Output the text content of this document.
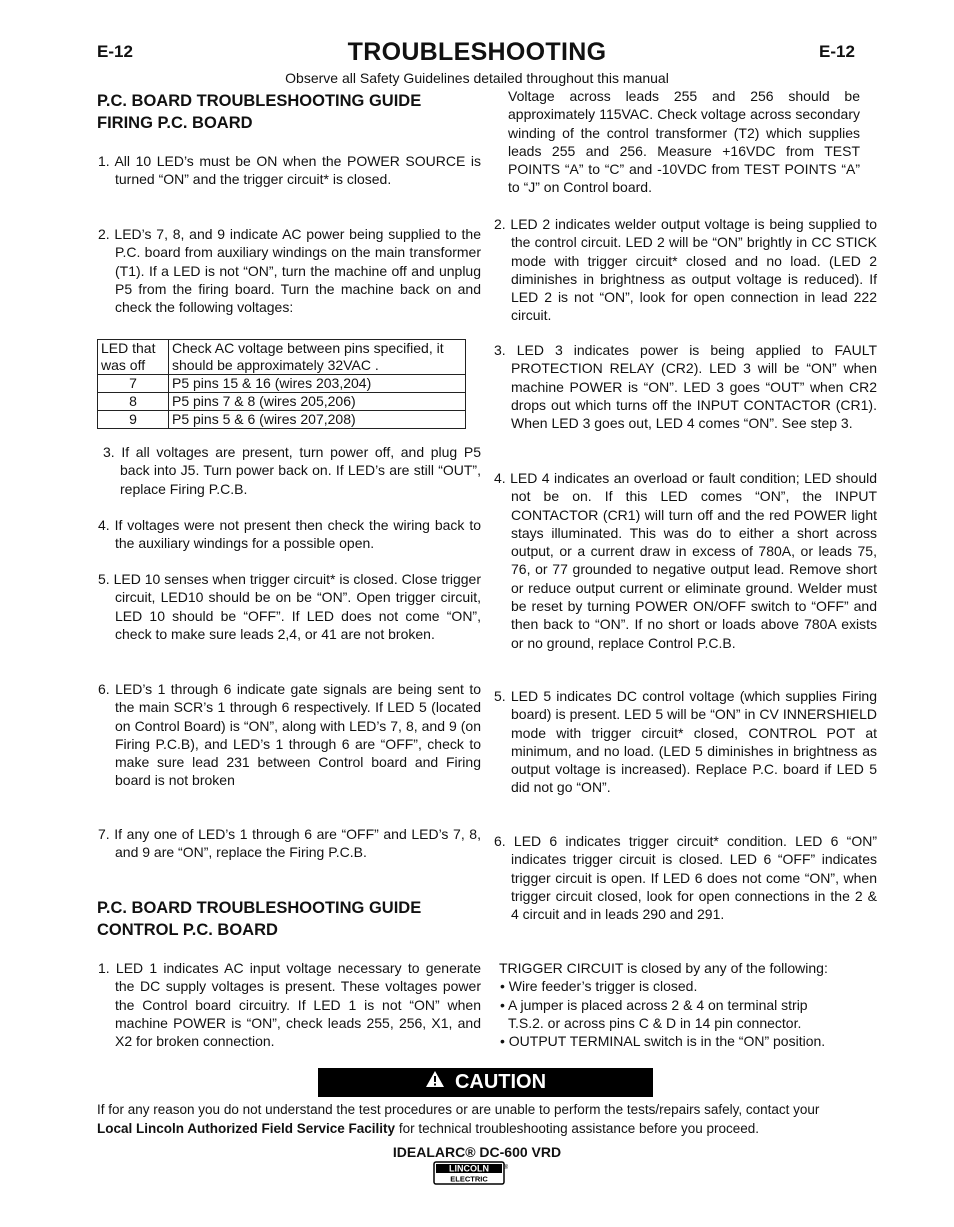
E-12	E-12
TROUBLESHOOTING
Observe all Safety Guidelines detailed throughout this manual
P.C. BOARD TROUBLESHOOTING GUIDE
FIRING P.C. BOARD
1. All 10 LED’s must be ON when the POWER SOURCE is turned “ON” and the trigger circuit* is closed.
2. LED’s 7, 8, and 9 indicate AC power being supplied to the P.C. board from auxiliary windings on the main transformer (T1). If a LED is not “ON”, turn the machine off and unplug P5 from the firing board. Turn the machine back on and check the following voltages:
LED that was off	Check AC voltage between pins specified, it should be approximately 32VAC .
7	P5 pins 15 & 16 (wires 203,204)
8	P5 pins 7 & 8 (wires 205,206)
9	P5 pins 5 & 6 (wires 207,208)
3. If all voltages are present, turn power off, and plug P5 back into J5. Turn power back on. If LED’s are still “OUT”, replace Firing P.C.B.
4. If voltages were not present then check the wiring back to the auxiliary windings for a possible open.
5. LED 10 senses when trigger circuit* is closed. Close trigger circuit, LED10 should be on be “ON”. Open trigger circuit, LED 10 should be “OFF”. If LED does not come “ON”, check to make sure leads 2,4, or 41 are not broken.
6. LED’s 1 through 6 indicate gate signals are being sent to the main SCR’s 1 through 6 respectively. If LED 5 (located on Control Board) is “ON”, along with LED’s 7, 8, and 9 (on Firing P.C.B), and LED’s 1 through 6 are “OFF”, check to make sure lead 231 between Control board and Firing board is not broken
7. If any one of LED’s 1 through 6 are “OFF” and LED’s 7, 8, and 9 are “ON”, replace the Firing P.C.B.
P.C. BOARD TROUBLESHOOTING GUIDE
CONTROL P.C. BOARD
1. LED 1 indicates AC input voltage necessary to generate the DC supply voltages is present. These voltages power the Control board circuitry. If LED 1 is not “ON” when machine POWER is “ON”, check leads 255, 256, X1, and X2 for broken connection.
Voltage across leads 255 and 256 should be approximately 115VAC. Check voltage across secondary winding of the control transformer (T2) which supplies leads 255 and 256. Measure +16VDC from TEST POINTS “A” to “C” and -10VDC from TEST POINTS “A” to “J” on Control board.
2. LED 2 indicates welder output voltage is being supplied to the control circuit. LED 2 will be “ON” brightly in CC STICK mode with trigger circuit* closed and no load. (LED 2 diminishes in brightness as output voltage is reduced). If LED 2 is not “ON”, look for open connection in lead 222 circuit.
3. LED 3 indicates power is being applied to FAULT PROTECTION RELAY (CR2). LED 3 will be “ON” when machine POWER is “ON”. LED 3 goes “OUT” when CR2 drops out which turns off the INPUT CONTACTOR (CR1). When LED 3 goes out, LED 4 comes “ON”. See step 3.
4. LED 4 indicates an overload or fault condition; LED should not be on. If this LED comes “ON”, the INPUT CONTACTOR (CR1) will turn off and the red POWER light stays illuminated. This was do to either a short across output, or a current draw in excess of 780A, or leads 75, 76, or 77 grounded to negative output lead. Remove short or reduce output current or eliminate ground. Welder must be reset by turning POWER ON/OFF switch to “OFF” and then back to “ON”. If no short or loads above 780A exists or no ground, replace Control P.C.B.
5. LED 5 indicates DC control voltage (which supplies Firing board) is present. LED 5 will be “ON” in CV INNERSHIELD mode with trigger circuit* closed, CONTROL POT at minimum, and no load. (LED 5 diminishes in brightness as output voltage is increased). Replace P.C. board if LED 5 did not go “ON”.
6. LED 6 indicates trigger circuit* condition. LED 6 “ON” indicates trigger circuit is closed. LED 6 “OFF” indicates trigger circuit is open. If LED 6 does not come “ON”, when trigger circuit closed, look for open connections in the 2 & 4 circuit and in leads 290 and 291.
TRIGGER CIRCUIT is closed by any of the following:
• Wire feeder’s trigger is closed.
• A jumper is placed across 2 & 4 on terminal strip
T.S.2. or across pins C & D in 14 pin connector.
• OUTPUT TERMINAL switch is in the “ON” position.
CAUTION
If for any reason you do not understand the test procedures or are unable to perform the tests/repairs safely, contact your
Local Lincoln Authorized Field Service Facility for technical troubleshooting assistance before you proceed.
IDEALARC® DC-600 VRD
LINCOLN
ELECTRIC
®
